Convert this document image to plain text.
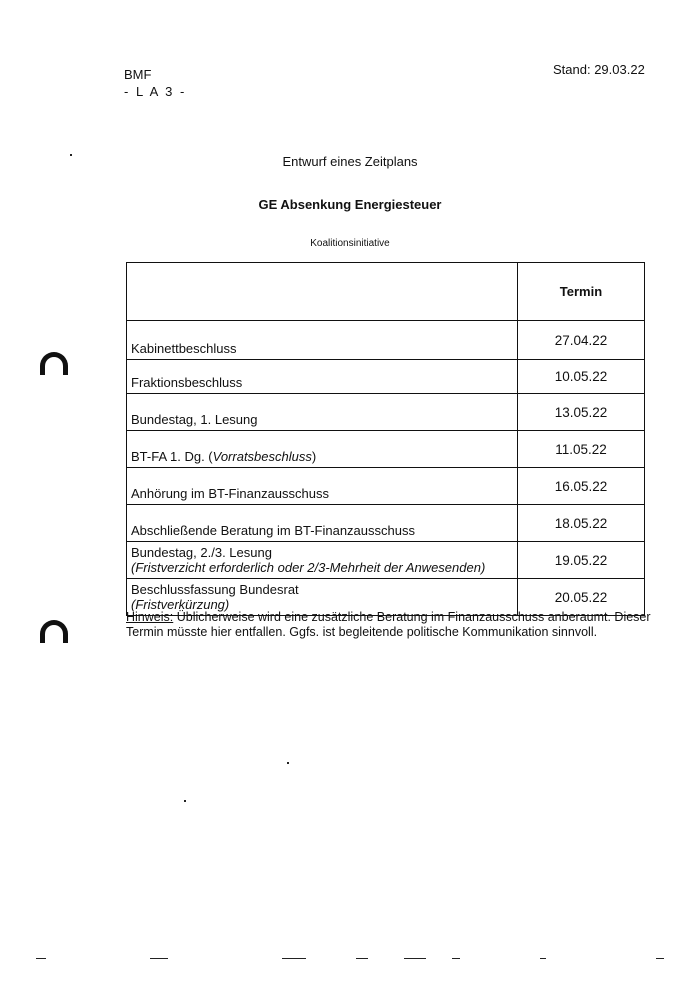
BMF
- L A 3 -
Stand: 29.03.22
Entwurf eines Zeitplans
GE Absenkung Energiesteuer
Koalitionsinitiative
	Termin
Kabinettbeschluss	27.04.22
Fraktionsbeschluss	10.05.22
Bundestag, 1. Lesung	13.05.22
BT-FA 1. Dg. (Vorratsbeschluss)	11.05.22
Anhörung im BT-Finanzausschuss	16.05.22
Abschließende Beratung im BT-Finanzausschuss	18.05.22
Bundestag, 2./3. Lesung
(Fristverzicht erforderlich oder 2/3-Mehrheit der Anwesenden)	19.05.22
Beschlussfassung Bundesrat
(Fristverkürzung)	20.05.22
Hinweis: Üblicherweise wird eine zusätzliche Beratung im Finanzausschuss anberaumt. Dieser Termin müsste hier entfallen. Ggfs. ist begleitende politische Kommunikation sinnvoll.
